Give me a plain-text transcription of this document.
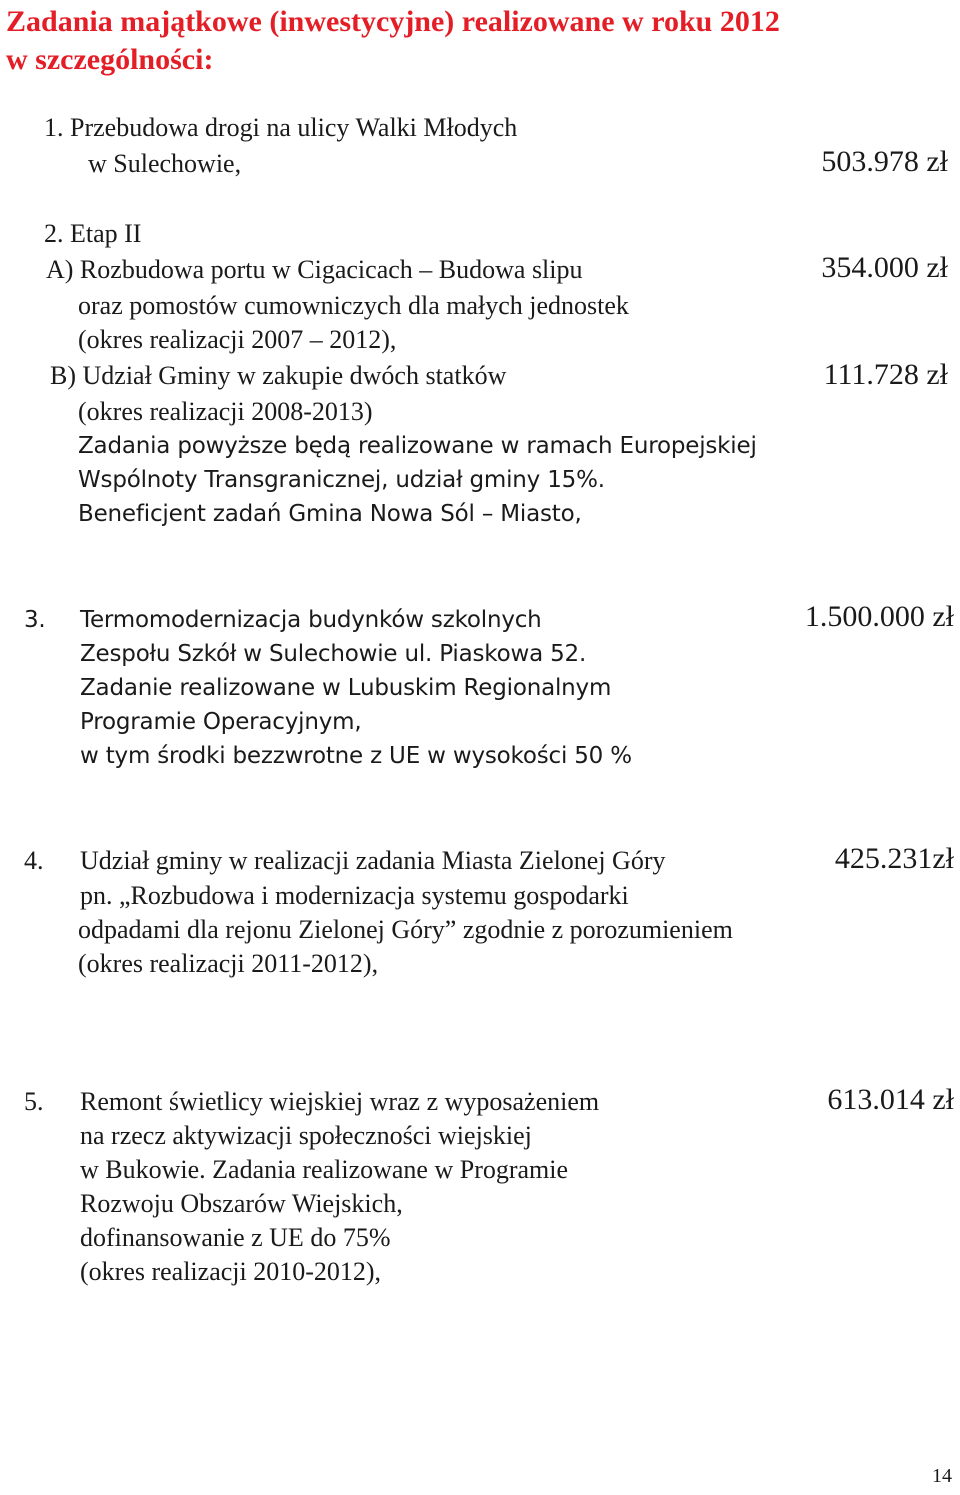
Zadania majątkowe (inwestycyjne) realizowane w roku 2012
w szczególności:
1. Przebudowa drogi na ulicy Walki Młodych
w Sulechowie,	503.978 zł
2. Etap II
A) Rozbudowa portu w Cigacicach – Budowa slipu	354.000 zł
oraz pomostów cumowniczych dla małych jednostek
(okres realizacji 2007 – 2012),
B) Udział Gminy w zakupie dwóch statków	111.728 zł
(okres realizacji 2008-2013)
Zadania powyższe będą realizowane w ramach Europejskiej
Wspólnoty Transgranicznej, udział gminy 15%.
Beneficjent zadań Gmina Nowa Sól – Miasto,
3. Termomodernizacja budynków szkolnych	1.500.000 zł
Zespołu Szkół w Sulechowie ul. Piaskowa 52.
Zadanie realizowane w Lubuskim Regionalnym
Programie Operacyjnym,
w tym środki bezzwrotne z UE w wysokości 50 %
4. Udział gminy w realizacji zadania Miasta Zielonej Góry	425.231zł
pn. „Rozbudowa i modernizacja systemu gospodarki
odpadami dla rejonu Zielonej Góry” zgodnie z porozumieniem
(okres realizacji 2011-2012),
5. Remont świetlicy wiejskiej wraz z wyposażeniem	613.014 zł
na rzecz aktywizacji społeczności wiejskiej
w Bukowie. Zadania realizowane w Programie
Rozwoju Obszarów Wiejskich,
dofinansowanie z UE do 75%
(okres realizacji 2010-2012),
14
